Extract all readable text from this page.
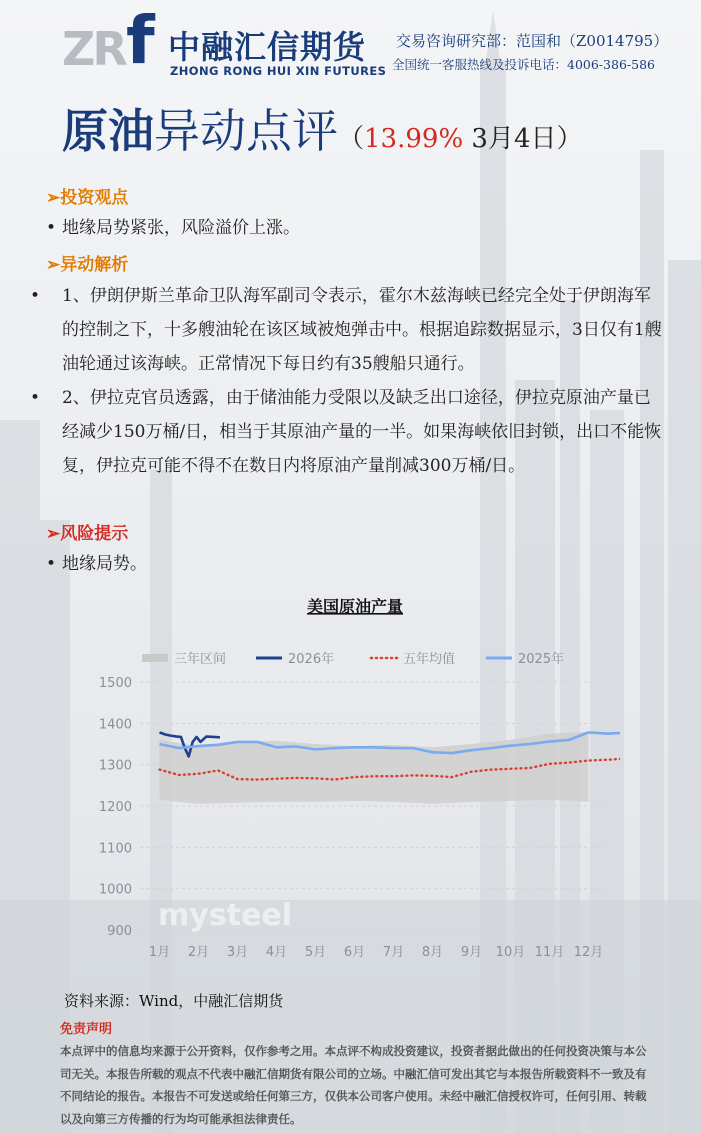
ZR f 中融汇信期货
ZHONG RONG HUI XIN FUTURES
交易咨询研究部：范国和（Z0014795）
全国统一客服热线及投诉电话：4006-386-586
原油异动点评（13.99% 3月4日）
➢投资观点
• 地缘局势紧张，风险溢价上涨。
➢异动解析
• 1、伊朗伊斯兰革命卫队海军副司令表示，霍尔木兹海峡已经完全处于伊朗海军的控制之下，十多艘油轮在该区域被炮弹击中。根据追踪数据显示，3日仅有1艘油轮通过该海峡。正常情况下每日约有35艘船只通行。
• 2、伊拉克官员透露，由于储油能力受限以及缺乏出口途径，伊拉克原油产量已经减少150万桶/日，相当于其原油产量的一半。如果海峡依旧封锁，出口不能恢复，伊拉克可能不得不在数日内将原油产量削减300万桶/日。
➢风险提示
• 地缘局势。
美国原油产量
900
1000
1100
1200
1300
1400
1500
1月 2月 3月 4月 5月 6月 7月 8月 9月 10月 11月 12月
mysteel
三年区间	2026年	五年均值	2025年
资料来源：Wind，中融汇信期货
免责声明
本点评中的信息均来源于公开资料，仅作参考之用。本点评不构成投资建议，投资者据此做出的任何投资决策与本公司无关。本报告所载的观点不代表中融汇信期货有限公司的立场。中融汇信可发出其它与本报告所载资料不一致及有不同结论的报告。本报告不可发送或给任何第三方，仅供本公司客户使用。未经中融汇信授权许可，任何引用、转载以及向第三方传播的行为均可能承担法律责任。
